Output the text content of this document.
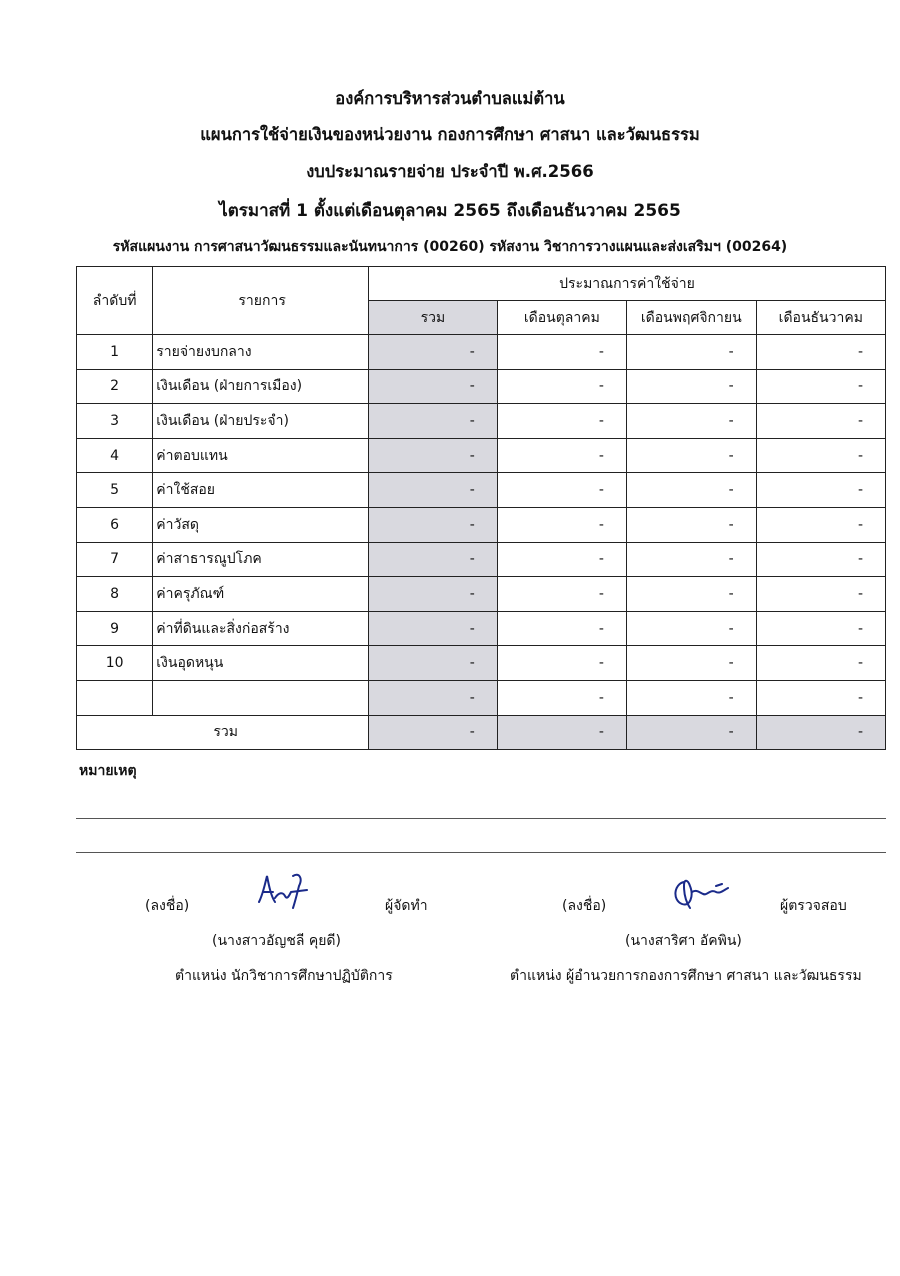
องค์การบริหารส่วนตำบลแม่ต้าน
แผนการใช้จ่ายเงินของหน่วยงาน กองการศึกษา ศาสนา และวัฒนธรรม
งบประมาณรายจ่าย ประจำปี พ.ศ.2566
ไตรมาสที่ 1 ตั้งแต่เดือนตุลาคม 2565 ถึงเดือนธันวาคม 2565
รหัสแผนงาน การศาสนาวัฒนธรรมและนันทนาการ (00260) รหัสงาน วิชาการวางแผนและส่งเสริมฯ (00264)
ลำดับที่	รายการ	ประมาณการค่าใช้จ่าย			
		รวม	เดือนตุลาคม	เดือนพฤศจิกายน	เดือนธันวาคม
1	รายจ่ายงบกลาง	-	-	-	-
2	เงินเดือน (ฝ่ายการเมือง)	-	-	-	-
3	เงินเดือน (ฝ่ายประจำ)	-	-	-	-
4	ค่าตอบแทน	-	-	-	-
5	ค่าใช้สอย	-	-	-	-
6	ค่าวัสดุ	-	-	-	-
7	ค่าสาธารณูปโภค	-	-	-	-
8	ค่าครุภัณฑ์	-	-	-	-
9	ค่าที่ดินและสิ่งก่อสร้าง	-	-	-	-
10	เงินอุดหนุน	-	-	-	-
		-	-	-	-
รวม		-	-	-	-
หมายเหตุ
(ลงชื่อ)	ผู้จัดทำ
(นางสาวอัญชลี คุยดี)
ตำแหน่ง นักวิชาการศึกษาปฏิบัติการ
(ลงชื่อ)	ผู้ตรวจสอบ
(นางสาริศา อัคพิน)
ตำแหน่ง ผู้อำนวยการกองการศึกษา ศาสนา และวัฒนธรรม
